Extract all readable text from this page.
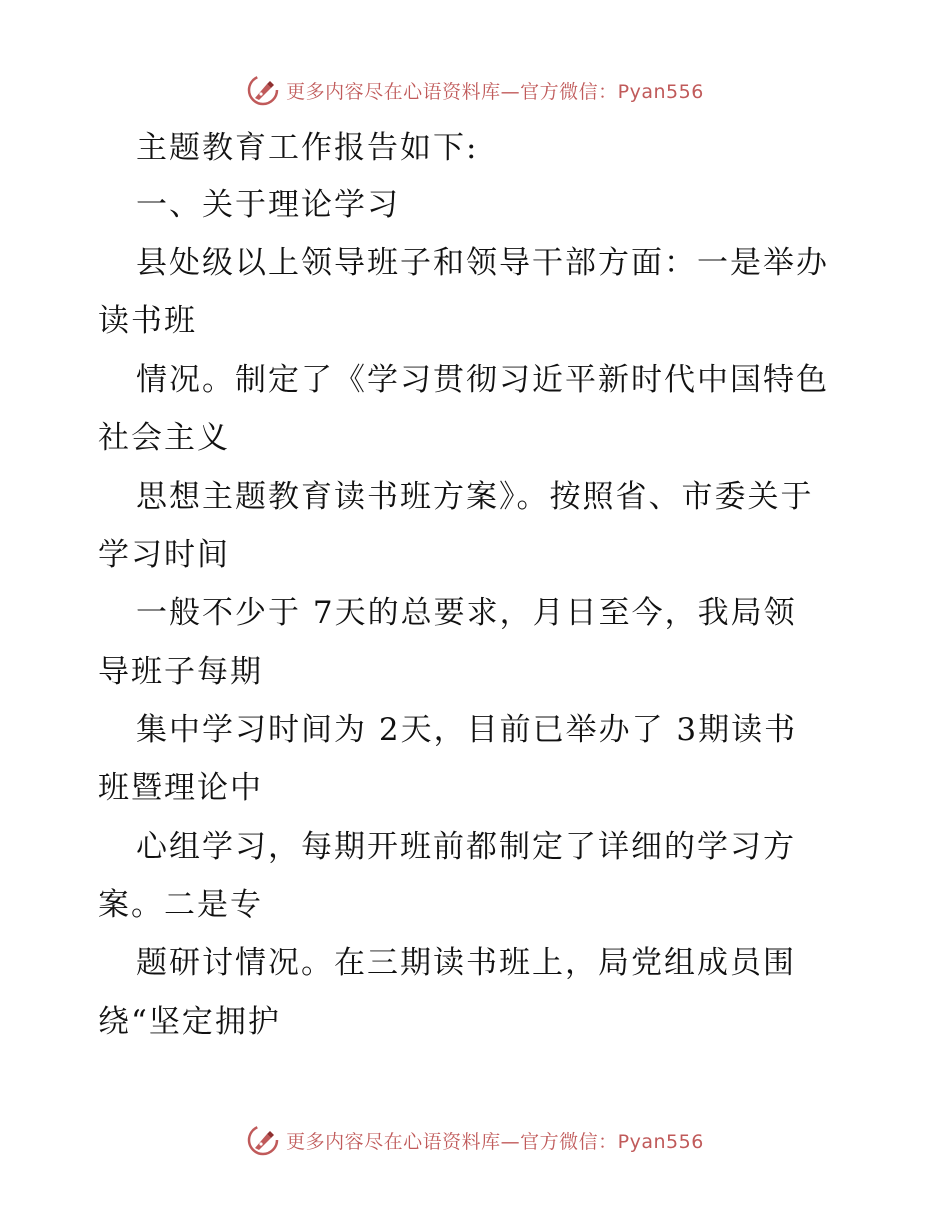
更多内容尽在心语资料库—官方微信：Pyan556
主题教育工作报告如下:
一、关于理论学习
县处级以上领导班子和领导干部方面：一是举办
读书班
情况。制定了《学习贯彻习近平新时代中国特色
社会主义
思想主题教育读书班方案》。按照省、市委关于
学习时间
一般不少于 7天的总要求，月日至今，我局领
导班子每期
集中学习时间为 2天，目前已举办了 3期读书
班暨理论中
心组学习，每期开班前都制定了详细的学习方
案。二是专
题研讨情况。在三期读书班上，局党组成员围
绕“坚定拥护
更多内容尽在心语资料库—官方微信：Pyan556
